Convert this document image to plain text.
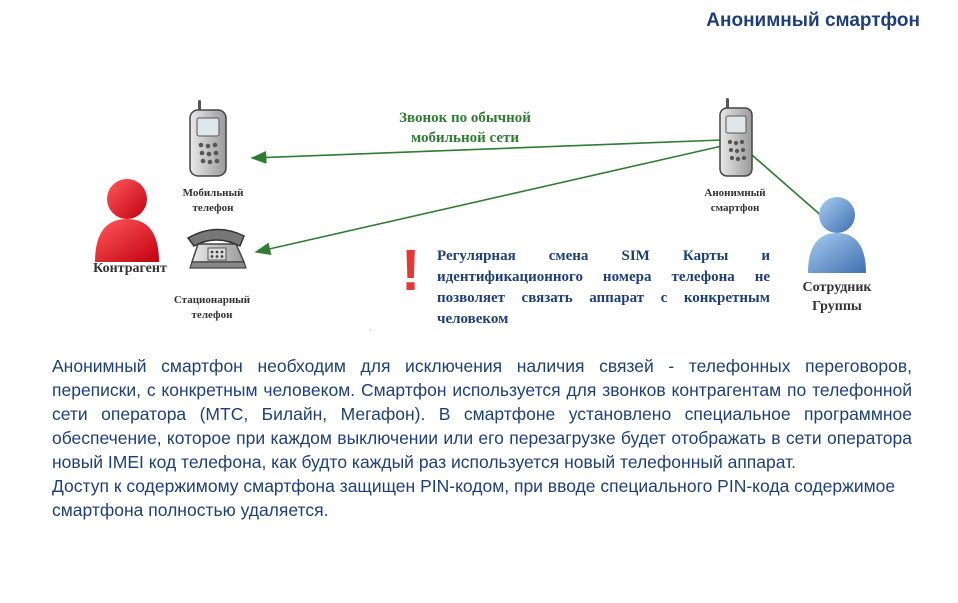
Анонимный смартфон
,
Звонок по обычной мобильной сети
Мобильный телефон
Стационарный телефон
Контрагент
Анонимный смартфон
Сотрудник Группы
! Регулярная смена SIM Карты и идентификационного номера телефона не позволяет связать аппарат с конкретным человеком

Анонимный смартфон необходим для исключения наличия связей - телефонных переговоров, переписки, с конкретным человеком. Смартфон используется для звонков контрагентам по телефонной сети оператора (МТС, Билайн, Мегафон). В смартфоне установлено специальное программное обеспечение, которое при каждом выключении или его перезагрузке будет отображать в сети оператора новый IMEI код телефона, как будто каждый раз используется новый телефонный аппарат.

Доступ к содержимому смартфона защищен PIN-кодом, при вводе специального PIN-кода содержимое смартфона полностью удаляется.
